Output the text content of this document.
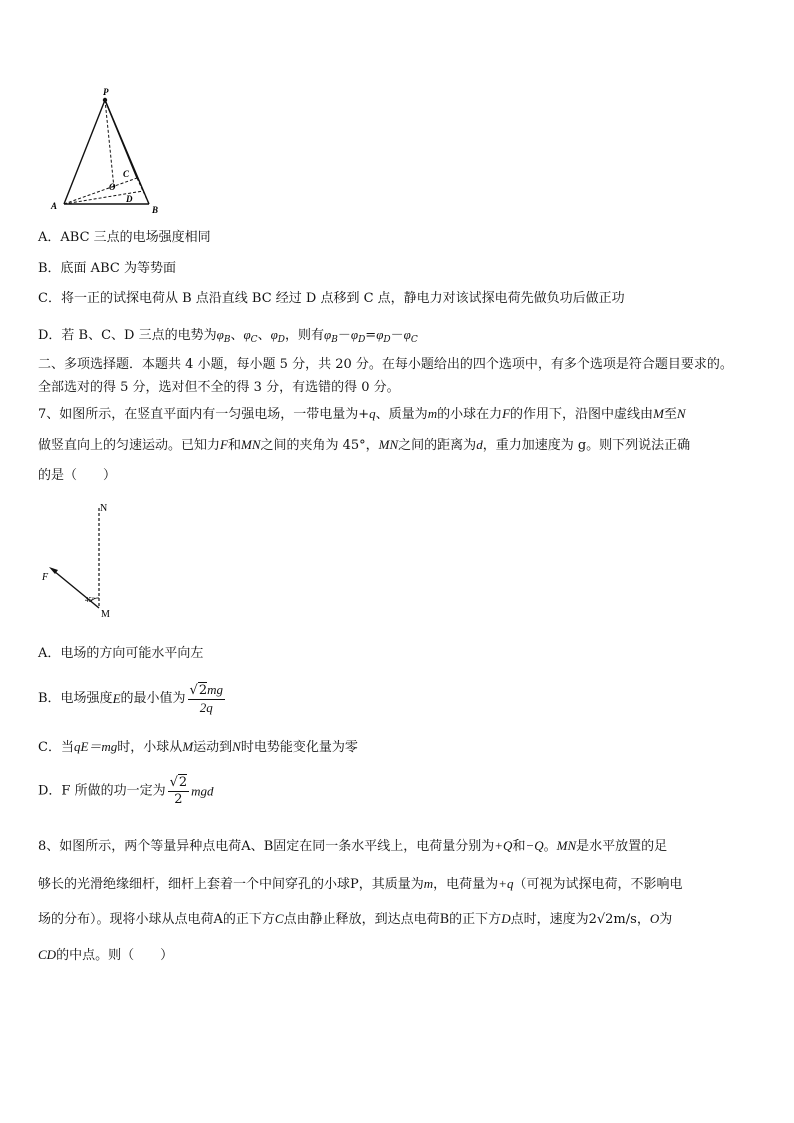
P
A	B
C
O
D
A．ABC 三点的电场强度相同
B．底面 ABC 为等势面
C．将一正的试探电荷从 B 点沿直线 BC 经过 D 点移到 C 点，静电力对该试探电荷先做负功后做正功
D．若 B、C、D 三点的电势为$\varphi_B$、$\varphi_C$、$\varphi_D$，则有$\varphi_B-\varphi_D=\varphi_D-\varphi_C$
二、多项选择题．本题共 4 小题，每小题 5 分，共 20 分。在每小题给出的四个选项中，有多个选项是符合题目要求的。
全部选对的得 5 分，选对但不全的得 3 分，有选错的得 0 分。
7、如图所示，在竖直平面内有一匀强电场，一带电量为+q、质量为m的小球在力F的作用下，沿图中虚线由M至N
做竖直向上的匀速运动。已知力F和MN之间的夹角为 45°，MN之间的距离为d，重力加速度为 g。则下列说法正确
的是（　　）
N
M
F
45°
A．电场的方向可能水平向左
B．电场强度E的最小值为 $\frac{√2mg}{2q}$
C．当qE＝mg时，小球从M运动到N时电势能变化量为零
D．F 所做的功一定为 $\frac{√2}{2}$ mgd
8、如图所示，两个等量异种点电荷A、B固定在同一条水平线上，电荷量分别为+Q和−Q。MN是水平放置的足
够长的光滑绝缘细杆，细杆上套着一个中间穿孔的小球P，其质量为m，电荷量为+q（可视为试探电荷，不影响电
场的分布）。现将小球从点电荷A的正下方C点由静止释放，到达点电荷B的正下方D点时，速度为2√2m/s，O为
CD的中点。则（　　）
